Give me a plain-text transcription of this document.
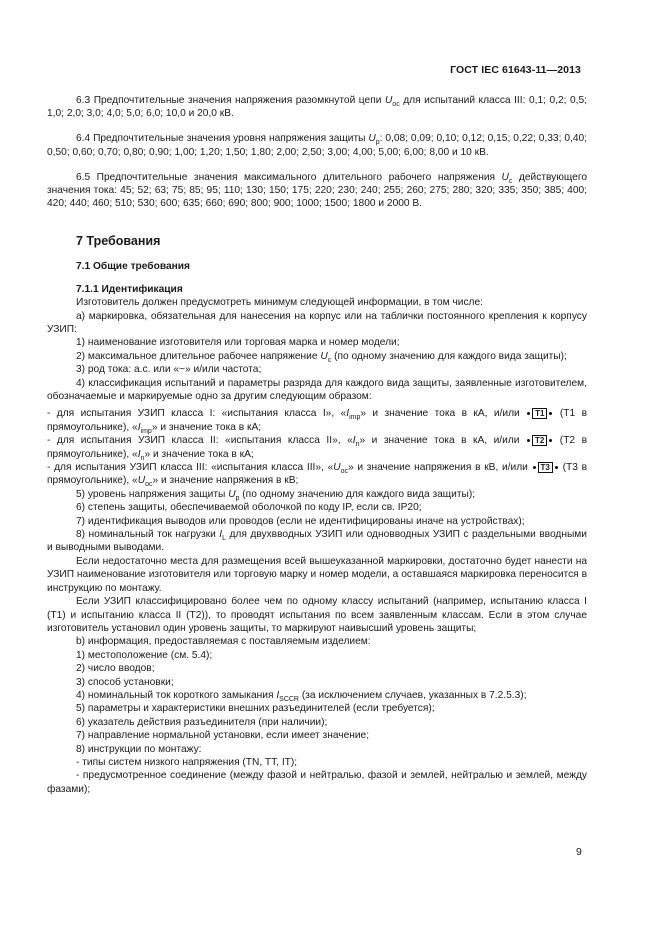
ГОСТ IEC 61643-11—2013

6.3 Предпочтительные значения напряжения разомкнутой цепи $U_{oc}$ для испытаний класса III: 0,1; 0,2; 0,5; 1,0; 2,0; 3,0; 4,0; 5,0; 6,0; 10,0 и 20,0 кВ.

6.4 Предпочтительные значения уровня напряжения защиты $U_p$: 0,08; 0,09; 0,10; 0,12; 0,15; 0,22; 0,33; 0,40; 0,50; 0,60; 0,70; 0,80; 0,90; 1,00; 1,20; 1,50; 1,80; 2,00; 2,50; 3,00; 4,00; 5,00; 6,00; 8,00 и 10 кВ.

6.5 Предпочтительные значения максимального длительного рабочего напряжения $U_c$ действующего значения тока: 45; 52; 63; 75; 85; 95; 110; 130; 150; 175; 220; 230; 240; 255; 260; 275; 280; 320; 335; 350; 385; 400; 420; 440; 460; 510; 530; 600; 635; 660; 690; 800; 900; 1000; 1500; 1800 и 2000 В.

7 Требования

7.1 Общие требования

7.1.1 Идентификация

Изготовитель должен предусмотреть минимум следующей информации, в том числе:

а) маркировка, обязательная для нанесения на корпус или на таблички постоянного крепления к корпусу УЗИП:

1) наименование изготовителя или торговая марка и номер модели;

2) максимальное длительное рабочее напряжение $U_c$ (по одному значению для каждого вида защиты);

3) род тока: а.с. или «~» и/или частота;

4) классификация испытаний и параметры разряда для каждого вида защиты, заявленные изготовителем, обозначаемые и маркируемые одно за другим следующим образом:

- для испытания УЗИП класса I: «испытания класса I», «$I_{imp}$» и значение тока в кА, и/или T1 (T1 в прямоугольнике), «$I_{imp}$» и значение тока в кА;

- для испытания УЗИП класса II: «испытания класса II», «$I_n$» и значение тока в кА, и/или T2 (T2 в прямоугольнике), «$I_n$» и значение тока в кА;

- для испытания УЗИП класса III: «испытания класса III», «$U_{oc}$» и значение напряжения в кВ, и/или T3 (T3 в прямоугольнике), «$U_{oc}$» и значение напряжения в кВ;

5) уровень напряжения защиты $U_p$ (по одному значению для каждого вида защиты);

6) степень защиты, обеспечиваемой оболочкой по коду IP, если св. IP20;

7) идентификация выводов или проводов (если не идентифицированы иначе на устройствах);

8) номинальный ток нагрузки $I_L$ для двухвводных УЗИП или одновводных УЗИП с раздельными вводными и выводными выводами.

Если недостаточно места для размещения всей вышеуказанной маркировки, достаточно будет нанести на УЗИП наименование изготовителя или торговую марку и номер модели, а оставшаяся маркировка переносится в инструкцию по монтажу.

Если УЗИП классифицировано более чем по одному классу испытаний (например, испытанию класса I (T1) и испытанию класса II (T2)), то проводят испытания по всем заявленным классам. Если в этом случае изготовитель установил один уровень защиты, то маркируют наивысший уровень защиты;

b) информация, предоставляемая с поставляемым изделием:

1) местоположение (см. 5.4);

2) число вводов;

3) способ установки;

4) номинальный ток короткого замыкания $I_{SCCR}$ (за исключением случаев, указанных в 7.2.5.3);

5) параметры и характеристики внешних разъединителей (если требуется);

6) указатель действия разъединителя (при наличии);

7) направление нормальной установки, если имеет значение;

8) инструкции по монтажу:

- типы систем низкого напряжения (TN, TT, IT);

- предусмотренное соединение (между фазой и нейтралью, фазой и землей, нейтралью и землей, между фазами);

9
